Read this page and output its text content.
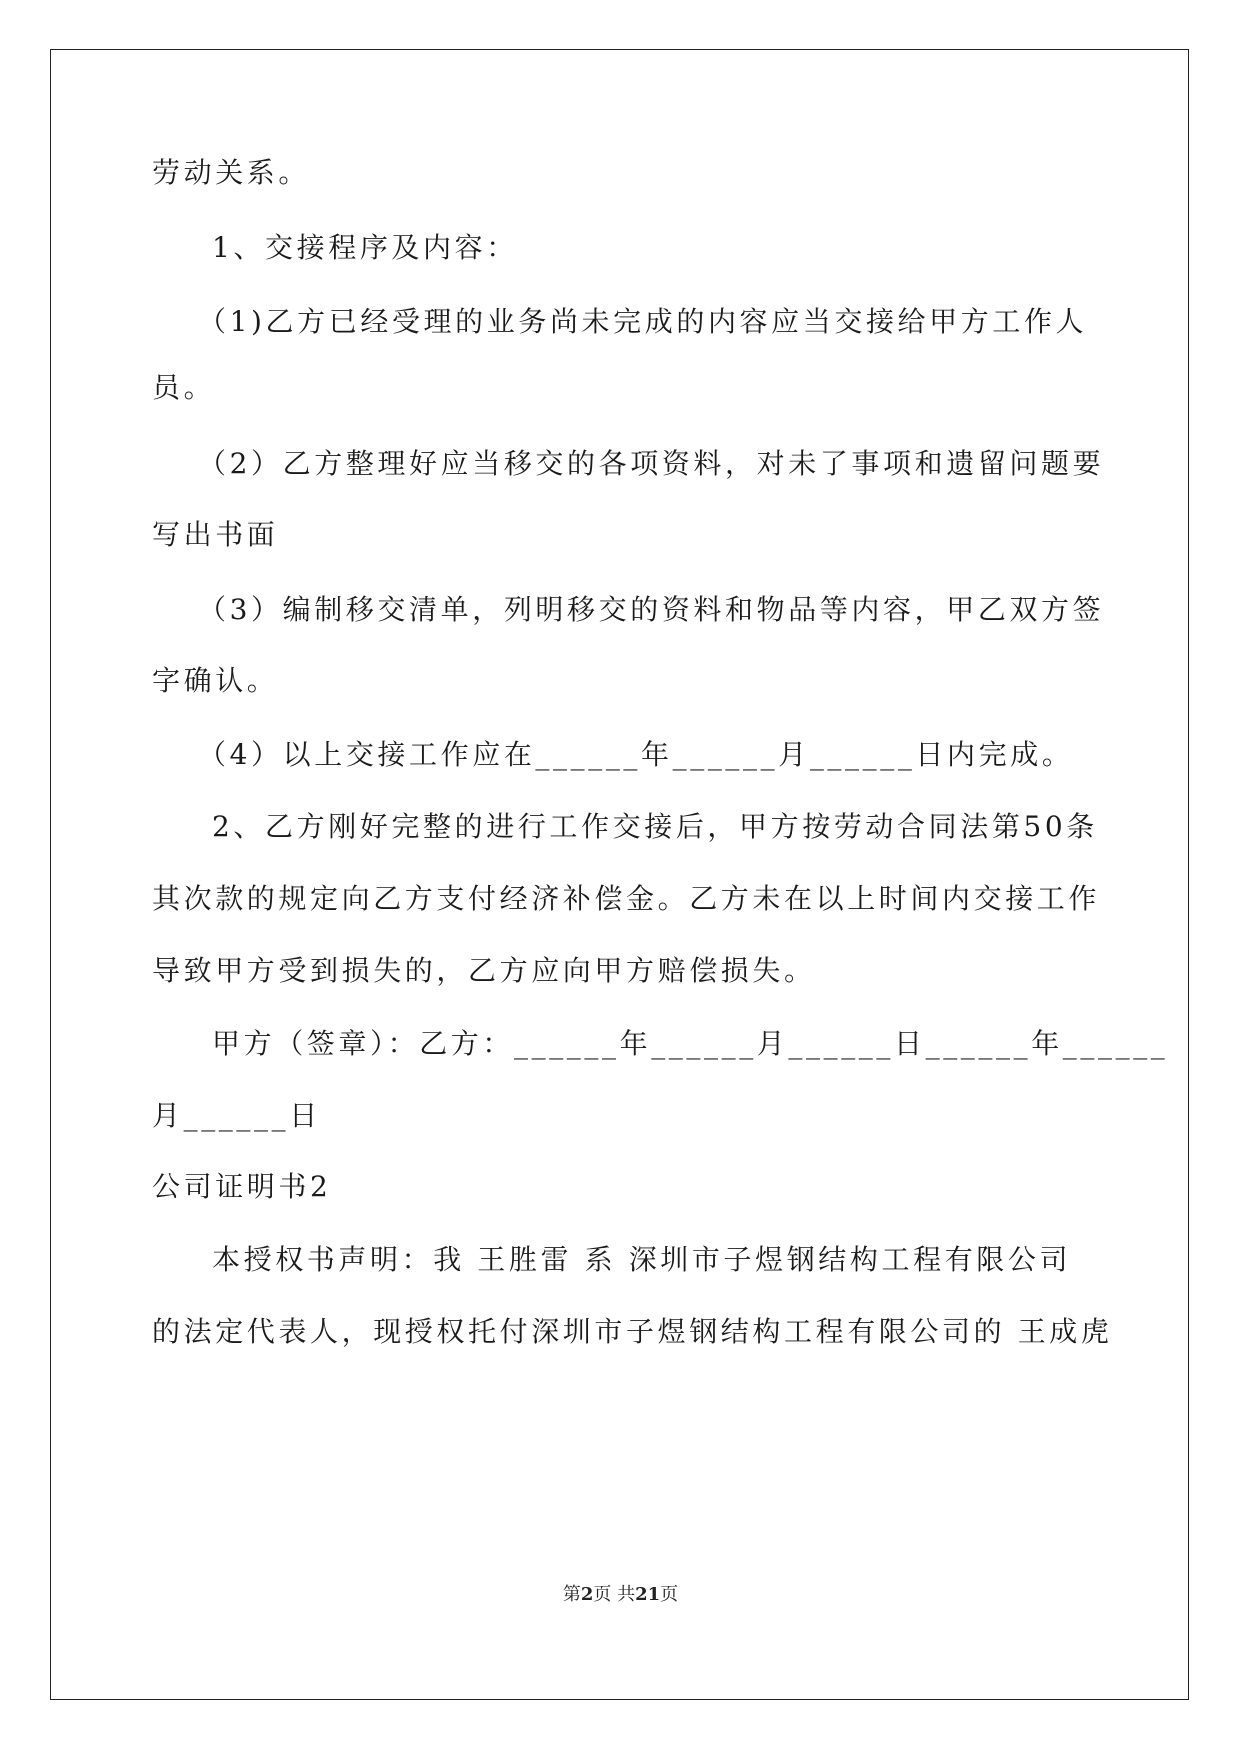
劳动关系。
1、交接程序及内容：
（1)乙方已经受理的业务尚未完成的内容应当交接给甲方工作人
员。
（2）乙方整理好应当移交的各项资料，对未了事项和遗留问题要
写出书面
（3）编制移交清单，列明移交的资料和物品等内容，甲乙双方签
字确认。
（4）以上交接工作应在______年______月______日内完成。
2、乙方刚好完整的进行工作交接后，甲方按劳动合同法第50条
其次款的规定向乙方支付经济补偿金。乙方未在以上时间内交接工作
导致甲方受到损失的，乙方应向甲方赔偿损失。
甲方（签章）：乙方：______年______月______日______年______
月______日
公司证明书2
本授权书声明：我 王胜雷 系 深圳市子煜钢结构工程有限公司
的法定代表人，现授权托付深圳市子煜钢结构工程有限公司的 王成虎
第2页 共21页
